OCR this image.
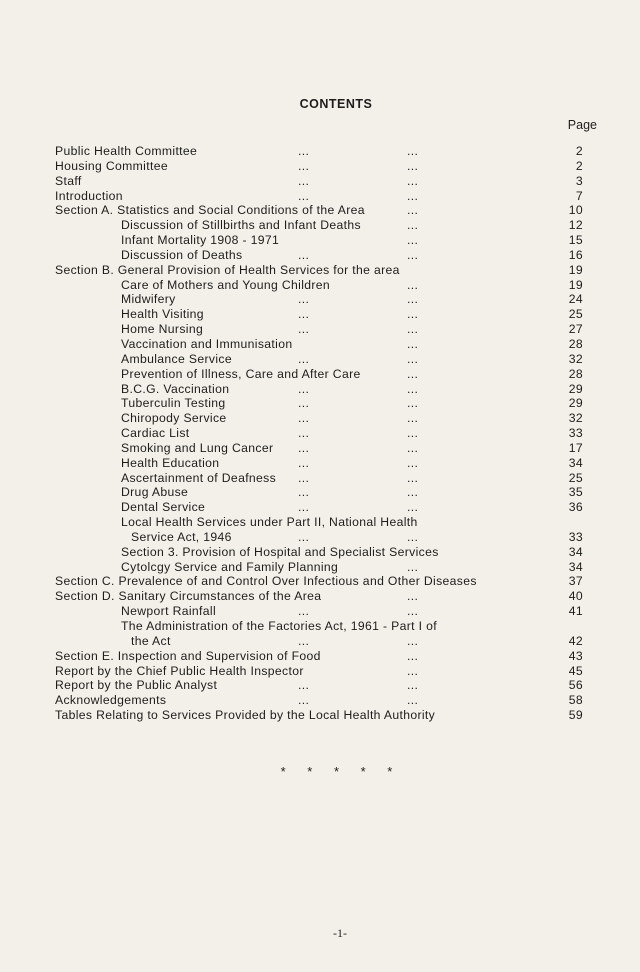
CONTENTS
Page
Public Health Committee	...	...	2
Housing Committee	...	...	2
Staff	...	...	3
Introduction	...	...	7
Section A. Statistics and Social Conditions of the Area	...	10
Discussion of Stillbirths and Infant Deaths	...	12
Infant Mortality 1908 - 1971	...	15
Discussion of Deaths	...	...	16
Section B. General Provision of Health Services for the area	19
Care of Mothers and Young Children	...	19
Midwifery	...	...	24
Health Visiting	...	...	25
Home Nursing	...	...	27
Vaccination and Immunisation	...	28
Ambulance Service	...	...	32
Prevention of Illness, Care and After Care	...	28
B.C.G. Vaccination	...	...	29
Tuberculin Testing	...	...	29
Chiropody Service	...	...	32
Cardiac List	...	...	33
Smoking and Lung Cancer ...	...	17
Health Education	...	...	34
Ascertainment of Deafness ...	...	25
Drug Abuse	...	...	35
Dental Service	...	...	36
Local Health Services under Part II, National Health
Service Act, 1946	...	...	33
Section 3. Provision of Hospital and Specialist Services	34
Cytolcgy Service and Family Planning	...	34
Section C. Prevalence of and Control Over Infectious and Other Diseases	37
Section D. Sanitary Circumstances of the Area	...	40
Newport Rainfall	...	...	41
The Administration of the Factories Act, 1961 - Part I of
the Act	...	...	42
Section E. Inspection and Supervision of Food	...	43
Report by the Chief Public Health Inspector	...	45
Report by the Public Analyst	...	...	56
Acknowledgements	...	...	58
Tables Relating to Services Provided by the Local Health Authority	59
* * * * *
-1-
